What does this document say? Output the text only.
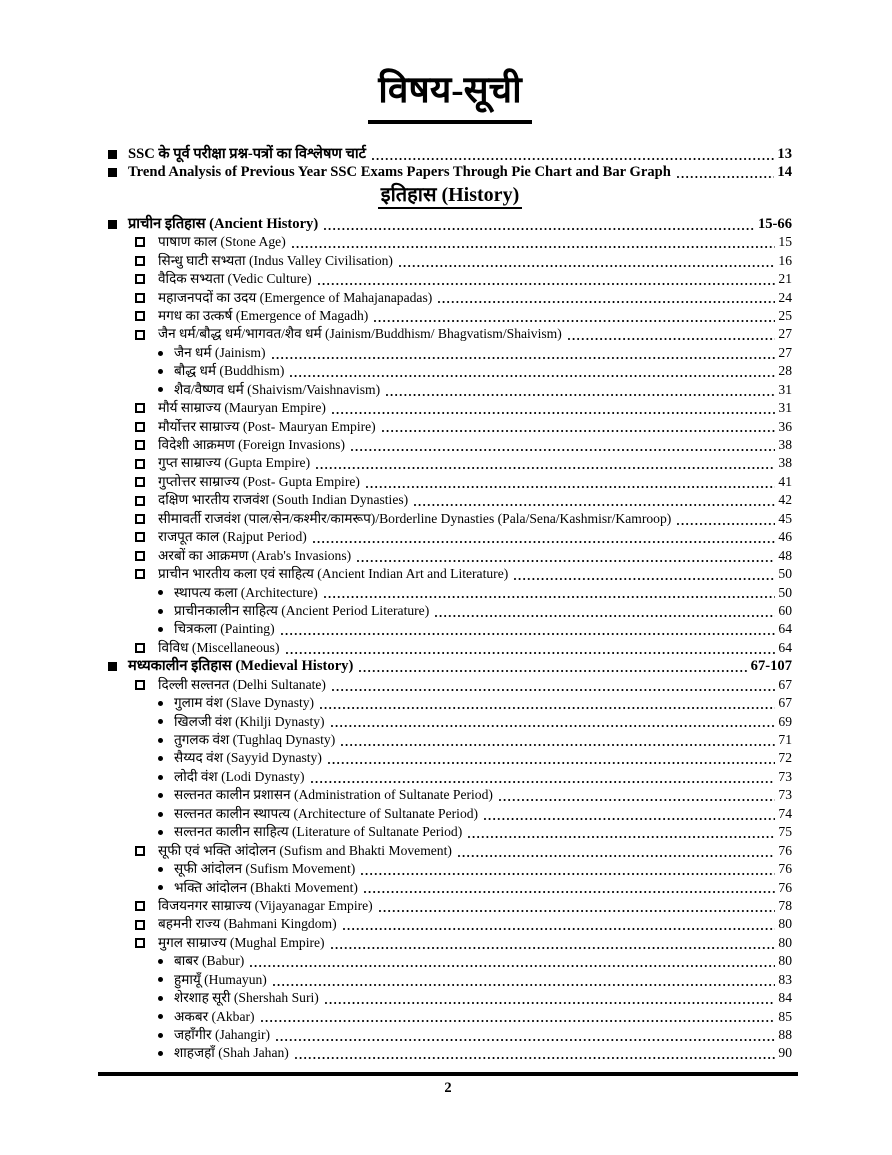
विषय-सूची
SSC के पूर्व परीक्षा प्रश्न-पत्रों का विश्लेषण चार्ट	13
Trend Analysis of Previous Year SSC Exams Papers Through Pie Chart and Bar Graph	14
इतिहास (History)
प्राचीन इतिहास (Ancient History)	15-66
पाषाण काल (Stone Age)	15
सिन्धु घाटी सभ्यता (Indus Valley Civilisation)	16
वैदिक सभ्यता (Vedic Culture)	21
महाजनपदों का उदय (Emergence of Mahajanapadas)	24
मगध का उत्कर्ष (Emergence of Magadh)	25
जैन धर्म/बौद्ध धर्म/भागवत/शैव धर्म (Jainism/Buddhism/ Bhagvatism/Shaivism)	27
जैन धर्म (Jainism)	27
बौद्ध धर्म (Buddhism)	28
शैव/वैष्णव धर्म (Shaivism/Vaishnavism)	31
मौर्य साम्राज्य (Mauryan Empire)	31
मौर्योत्तर साम्राज्य (Post- Mauryan Empire)	36
विदेशी आक्रमण (Foreign Invasions)	38
गुप्त साम्राज्य (Gupta Empire)	38
गुप्तोत्तर साम्राज्य (Post- Gupta Empire)	41
दक्षिण भारतीय राजवंश (South Indian Dynasties)	42
सीमावर्ती राजवंश (पाल/सेन/कश्मीर/कामरूप)/Borderline Dynasties (Pala/Sena/Kashmisr/Kamroop)	45
राजपूत काल (Rajput Period)	46
अरबों का आक्रमण (Arab's Invasions)	48
प्राचीन भारतीय कला एवं साहित्य (Ancient Indian Art and Literature)	50
स्थापत्य कला (Architecture)	50
प्राचीनकालीन साहित्य (Ancient Period Literature)	60
चित्रकला (Painting)	64
विविध (Miscellaneous)	64
मध्यकालीन इतिहास (Medieval History)	67-107
दिल्ली सल्तनत (Delhi Sultanate)	67
गुलाम वंश (Slave Dynasty)	67
खिलजी वंश (Khilji Dynasty)	69
तुगलक वंश (Tughlaq Dynasty)	71
सैय्यद वंश (Sayyid Dynasty)	72
लोदी वंश (Lodi Dynasty)	73
सल्तनत कालीन प्रशासन (Administration of Sultanate Period)	73
सल्तनत कालीन स्थापत्य (Architecture of Sultanate Period)	74
सल्तनत कालीन साहित्य (Literature of Sultanate Period)	75
सूफी एवं भक्ति आंदोलन (Sufism and Bhakti Movement)	76
सूफी आंदोलन (Sufism Movement)	76
भक्ति आंदोलन (Bhakti Movement)	76
विजयनगर साम्राज्य (Vijayanagar Empire)	78
बहमनी राज्य (Bahmani Kingdom)	80
मुगल साम्राज्य (Mughal Empire)	80
बाबर (Babur)	80
हुमायूँ (Humayun)	83
शेरशाह सूरी (Shershah Suri)	84
अकबर (Akbar)	85
जहाँगीर (Jahangir)	88
शाहजहाँ (Shah Jahan)	90
2
